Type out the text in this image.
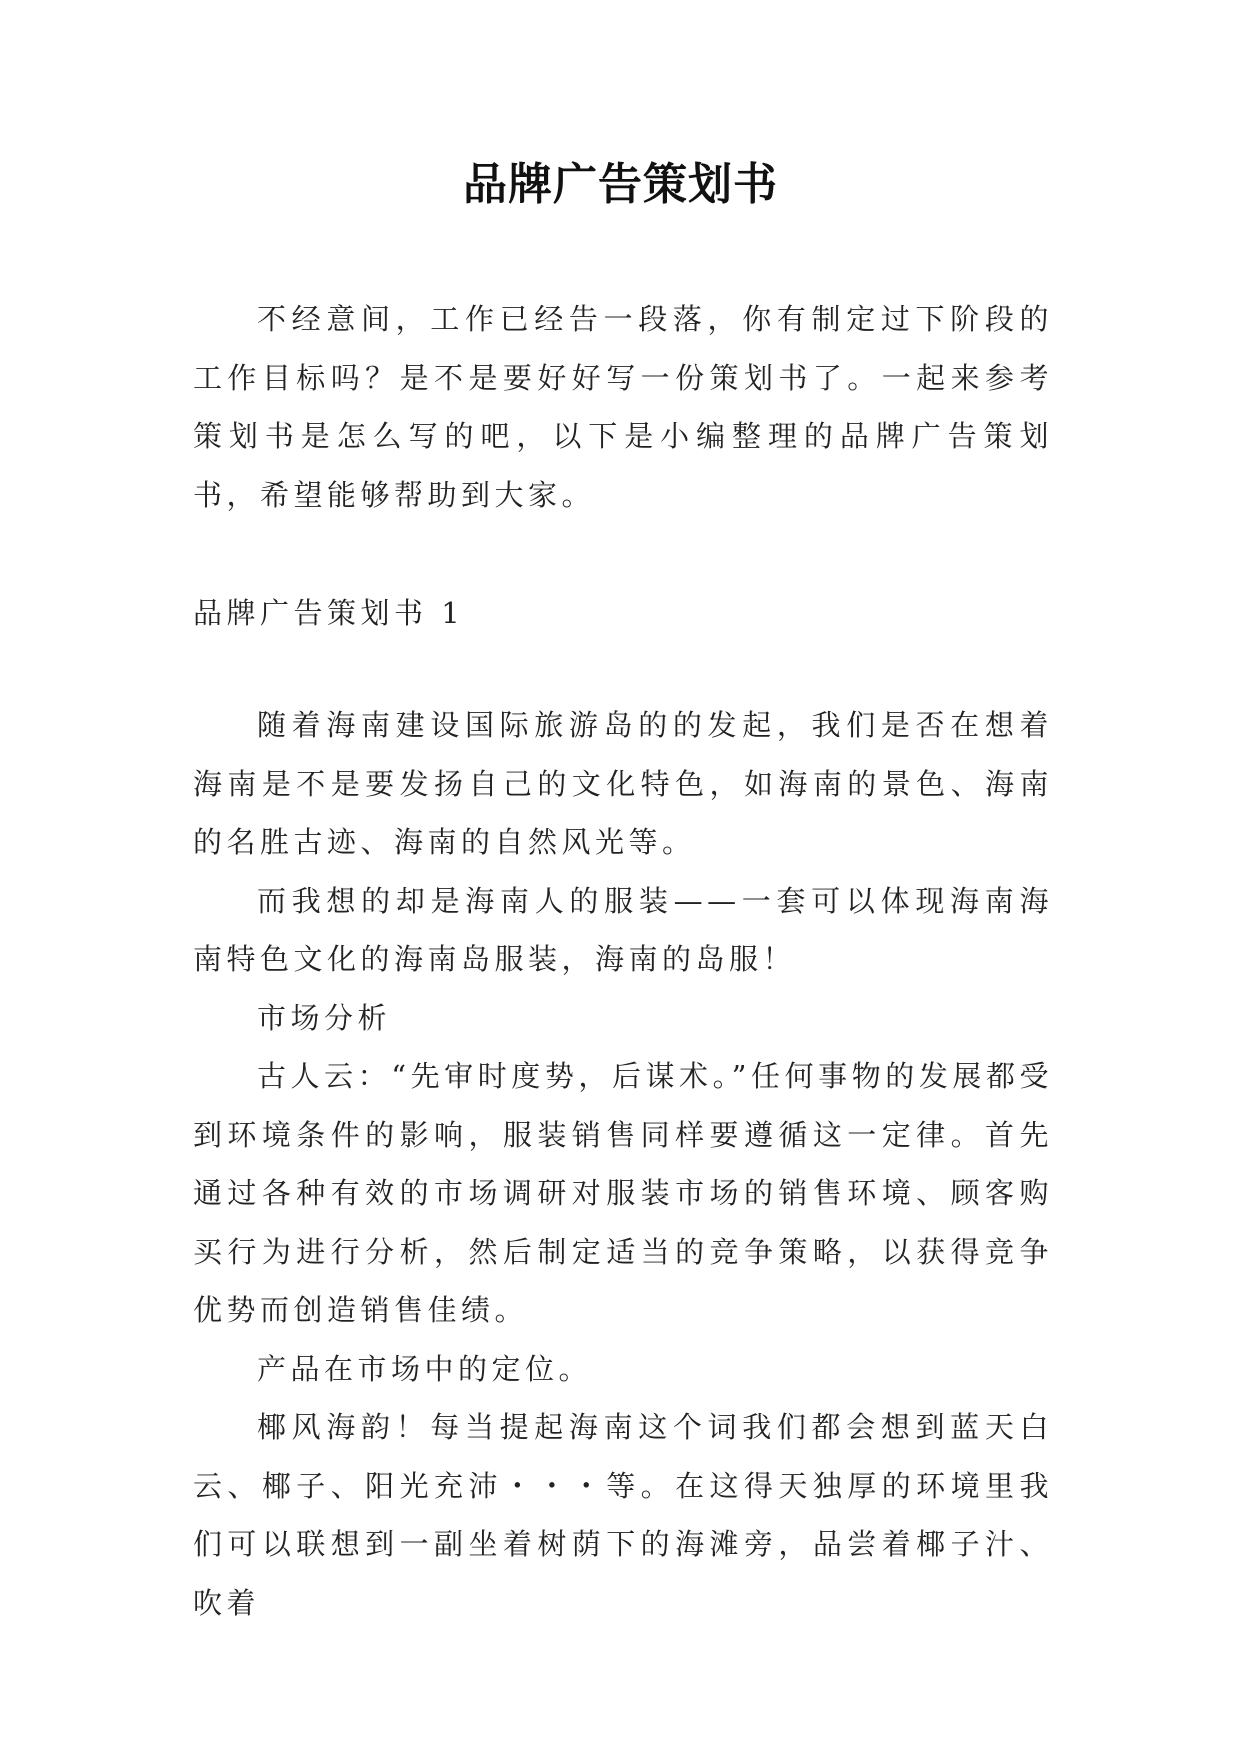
品牌广告策划书

不经意间，工作已经告一段落，你有制定过下阶段的工作目标吗？是不是要好好写一份策划书了。一起来参考策划书是怎么写的吧，以下是小编整理的品牌广告策划书，希望能够帮助到大家。

品牌广告策划书 1

随着海南建设国际旅游岛的的发起，我们是否在想着海南是不是要发扬自己的文化特色，如海南的景色、海南的名胜古迹、海南的自然风光等。

而我想的却是海南人的服装——一套可以体现海南海南特色文化的海南岛服装，海南的岛服！

市场分析

古人云：“先审时度势，后谋术。”任何事物的发展都受到环境条件的影响，服装销售同样要遵循这一定律。首先通过各种有效的市场调研对服装市场的销售环境、顾客购买行为进行分析，然后制定适当的竞争策略，以获得竞争优势而创造销售佳绩。

产品在市场中的定位。

椰风海韵！每当提起海南这个词我们都会想到蓝天白云、椰子、阳光充沛・・・等。在这得天独厚的环境里我们可以联想到一副坐着树荫下的海滩旁，品尝着椰子汁、吹着
